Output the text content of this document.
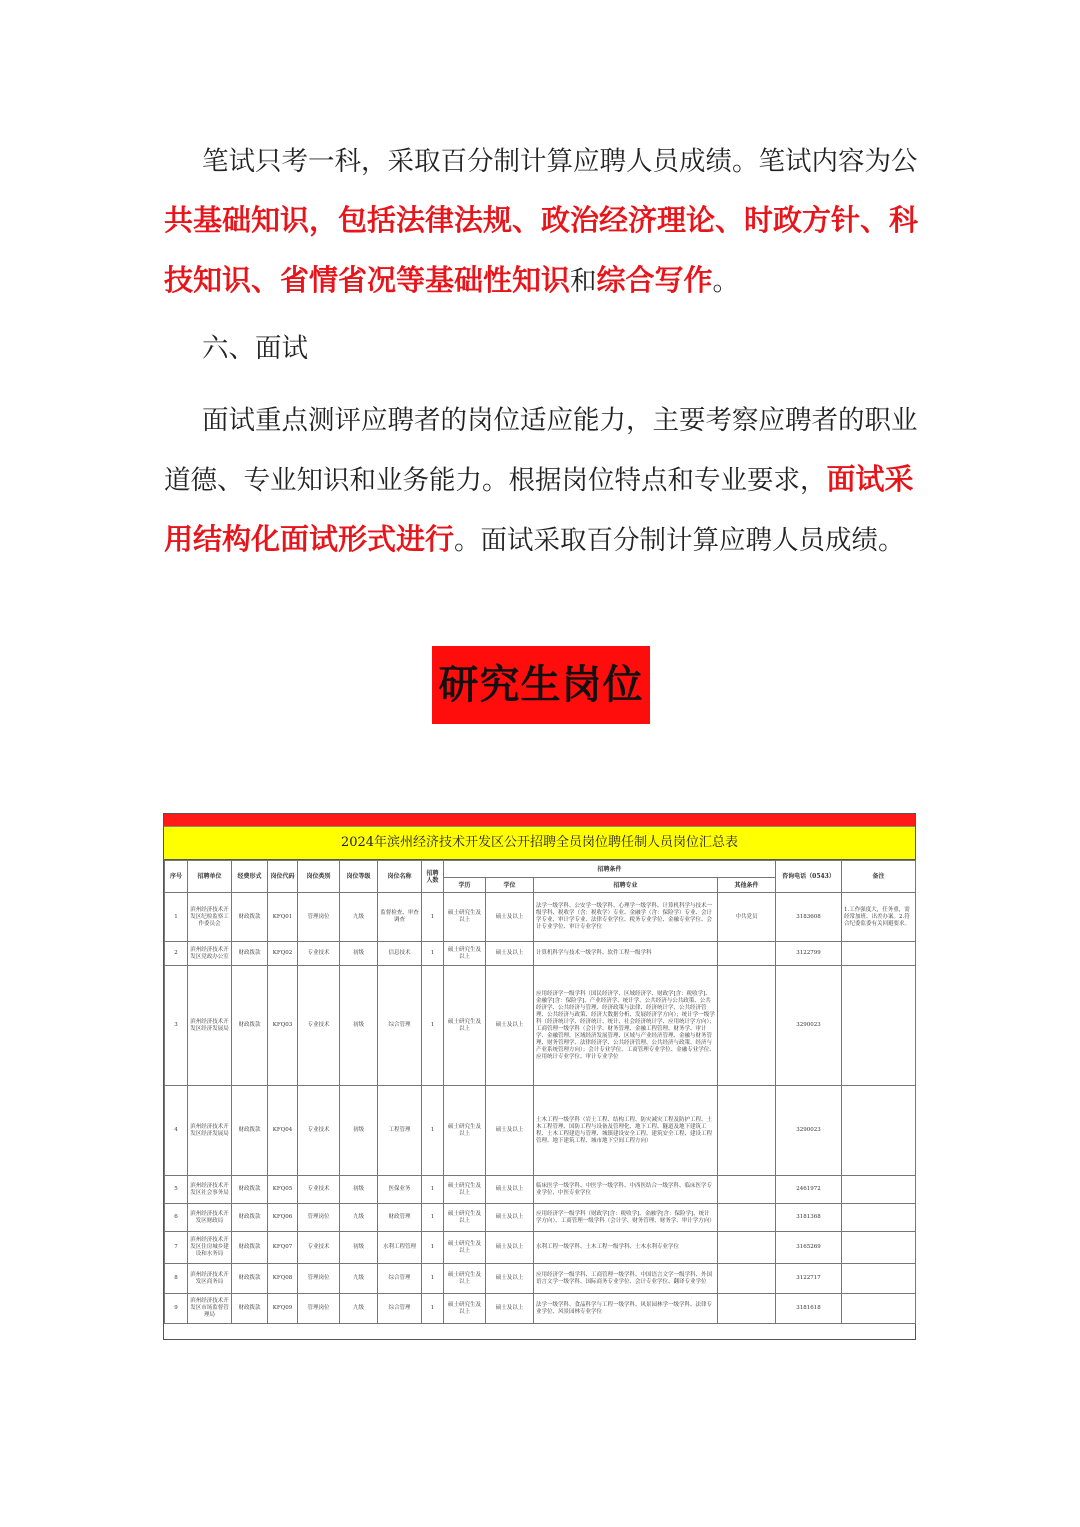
笔试只考一科，采取百分制计算应聘人员成绩。笔试内容为公共基础知识，包括法律法规、政治经济理论、时政方针、科技知识、省情省况等基础性知识和综合写作。

六、面试

面试重点测评应聘者的岗位适应能力，主要考察应聘者的职业道德、专业知识和业务能力。根据岗位特点和专业要求，面试采用结构化面试形式进行。面试采取百分制计算应聘人员成绩。

研究生岗位
2024年滨州经济技术开发区公开招聘全员岗位聘任制人员岗位汇总表
序号	招聘单位	经费形式	岗位代码	岗位类别	岗位等级	岗位名称	招聘人数	招聘条件				咨询电话（0543）	备注
								学历	学位	招聘专业	其他条件		
1	滨州经济技术开发区纪检监察工作委员会	财政拨款	KFQ01	管理岗位	九级	监督检查、审查调查	1	硕士研究生及以上	硕士及以上	法学一级学科、公安学一级学科、心理学一级学科、计算机科学与技术一级学科、税收学（含：税收学）专业、金融学（含：保险学）专业、会计学专业、审计学专业、法律专业学位、税务专业学位、金融专业学位、会计专业学位、审计专业学位	中共党员	3183608	1.工作强度大，任务重，需经常加班、出差办案。2.符合纪委监委有关回避要求。
2	滨州经济技术开发区党政办公室	财政拨款	KFQ02	专业技术	初级	信息技术	1	硕士研究生及以上	硕士及以上	计算机科学与技术一级学科、软件工程一级学科		3122799	
3	滨州经济技术开发区经济发展局	财政拨款	KFQ03	专业技术	初级	综合管理	1	硕士研究生及以上	硕士及以上	应用经济学一级学科（国民经济学、区域经济学、财政学[含：税收学]、金融学[含：保险学]、产业经济学、统计学、公共经济与公共政策、公共经济学、公共经济与管理、经济政策与法律、经济统计学、公共经济管理、公共经济与政策、经济大数据分析、发展经济学方向）；统计学一级学科（经济统计学、经济统计、统计、社会经济统计学、应用统计学方向）；工商管理一级学科（会计学、财务管理、金融工程管理、财务学、审计学、金融管理、区域经济发展管理、区域与产业经济管理、金融与财务管理、财务管理学、法律经济学、公共经济管理、公共经济与政策、经济与产业系统管理方向）；会计专业学位、工商管理专业学位、金融专业学位、应用统计专业学位、审计专业学位		3290023	
4	滨州经济技术开发区经济发展局	财政拨款	KFQ04	专业技术	初级	工程管理	1	硕士研究生及以上	硕士及以上	土木工程一级学科（岩土工程、结构工程、防灾减灾工程及防护工程、土木工程管理、国防工程与设备及管理化、地下工程、隧道及地下建筑工程、土木工程建造与管理、城镇建设安全工程、建筑安全工程、建设工程管理、地下建筑工程、城市地下空间工程方向）		3290023	
5	滨州经济技术开发区社会事务局	财政拨款	KFQ05	专业技术	初级	医保业务	1	硕士研究生及以上	硕士及以上	临床医学一级学科、中医学一级学科、中西医结合一级学科、临床医学专业学位、中医专业学位		2461972	
6	滨州经济技术开发区财政局	财政拨款	KFQ06	管理岗位	九级	财政管理	1	硕士研究生及以上	硕士及以上	应用经济学一级学科（财政学[含：税收学]、金融学[含：保险学]、统计学方向）、工商管理一级学科（会计学、财务管理、财务学、审计学方向）		3181368	
7	滨州经济技术开发区住房城乡建设和水务局	财政拨款	KFQ07	专业技术	初级	水利工程管理	1	硕士研究生及以上	硕士及以上	水利工程一级学科、土木工程一级学科、土木水利专业学位		3165269	
8	滨州经济技术开发区商务局	财政拨款	KFQ08	管理岗位	九级	综合管理	1	硕士研究生及以上	硕士及以上	应用经济学一级学科、工商管理一级学科、中国语言文学一级学科、外国语言文学一级学科、国际商务专业学位、会计专业学位、翻译专业学位		3122717	
9	滨州经济技术开发区市场监督管理局	财政拨款	KFQ09	管理岗位	九级	综合管理	1	硕士研究生及以上	硕士及以上	法学一级学科、食品科学与工程一级学科、风景园林学一级学科、法律专业学位、风景园林专业学位		3181618	
